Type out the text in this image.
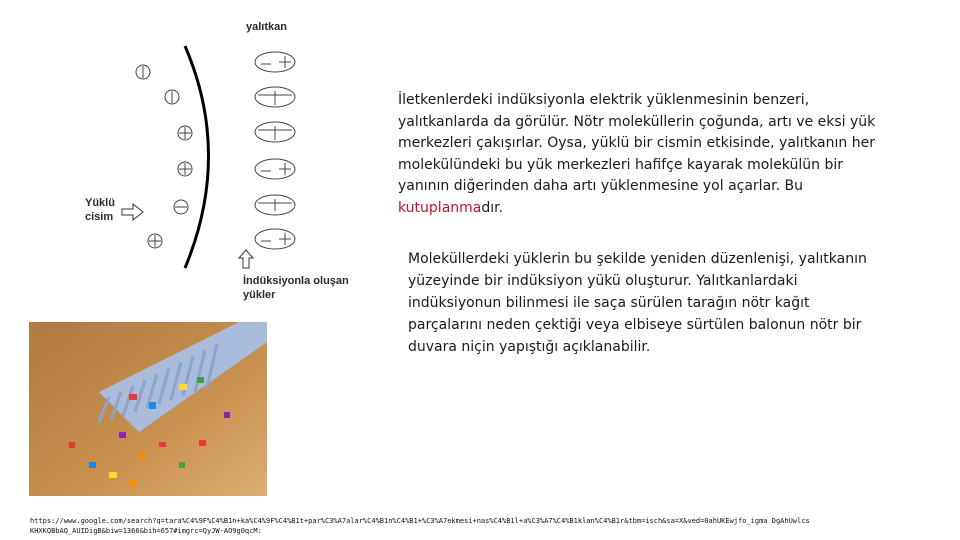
yalıtkan
Yüklü cisim
İndüksiyonla oluşan yükler
İletkenlerdeki indüksiyonla elektrik yüklenmesinin benzeri, yalıtkanlarda da görülür. Nötr moleküllerin çoğunda, artı ve eksi yük merkezleri çakışırlar. Oysa, yüklü bir cismin etkisinde, yalıtkanın her molekülündeki bu yük merkezleri hafifçe kayarak molekülün bir yanının diğerinden daha artı yüklenmesine yol açarlar. Bu kutuplanmadır.
Moleküllerdeki yüklerin bu şekilde yeniden düzenlenişi, yalıtkanın yüzeyinde bir indüksiyon yükü oluşturur. Yalıtkanlardaki indüksiyonun bilinmesi ile saça sürülen tarağın nötr kağıt parçalarını neden çektiği veya elbiseye sürtülen balonun nötr bir duvara niçin yapıştığı açıklanabilir.
https://www.google.com/search?q=tara%C4%9F%C4%B1n+ka%C4%9F%C4%B1t+par%C3%A7alar%C4%B1n%C4%B1+%C3%A7ekmesi+nas%C4%B1l+a%C3%A7%C4%B1klan%C4%B1r&tbm=isch&sa=X&ved=0ahUKEwjfo_igma DgAhUwlcsKHXKQBbAQ_AUIDigB&biw=1366&bih=657#imgrc=QyJW-AO9g0qcM:
